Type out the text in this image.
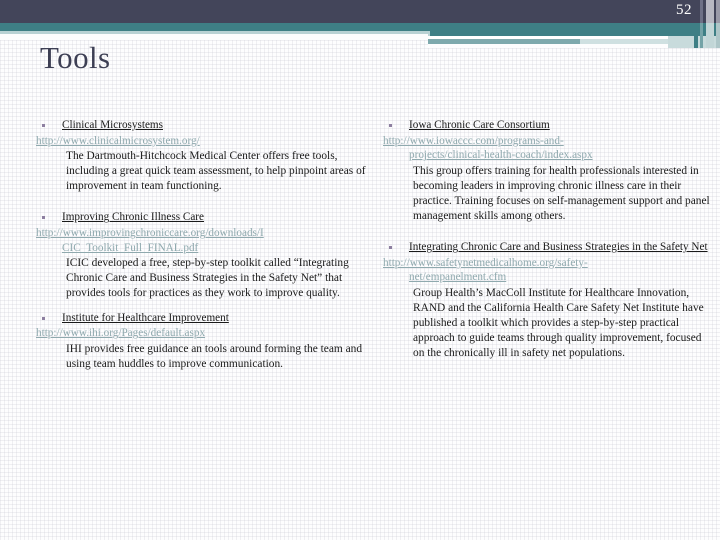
52
Tools
Clinical Microsystems
http://www.clinicalmicrosystem.org/

The Dartmouth-Hitchcock Medical Center offers free tools, including a great quick team assessment, to help pinpoint areas of improvement in team functioning.

Improving Chronic Illness Care
http://www.improvingchroniccare.org/downloads/I
CIC_Toolkit_Full_FINAL.pdf

ICIC developed a free, step-by-step toolkit called “Integrating Chronic Care and Business Strategies in the Safety Net” that provides tools for practices as they work to improve quality.

Institute for Healthcare Improvement
http://www.ihi.org/Pages/default.aspx

IHI provides free guidance an tools around forming the team and using team huddles to improve communication.

Iowa Chronic Care Consortium
http://www.iowaccc.com/programs-and-
projects/clinical-health-coach/index.aspx

This group offers training for health professionals interested in becoming leaders in improving chronic illness care in their practice. Training focuses on self-management support and panel management skills among others.

Integrating Chronic Care and Business Strategies in the Safety Net
http://www.safetynetmedicalhome.org/safety-
net/empanelment.cfm

Group Health’s MacColl Institute for Healthcare Innovation, RAND and the California Health Care Safety Net Institute have published a toolkit which provides a step-by-step practical

approach to guide teams through quality improvement, focused on the chronically ill in safety net populations.
